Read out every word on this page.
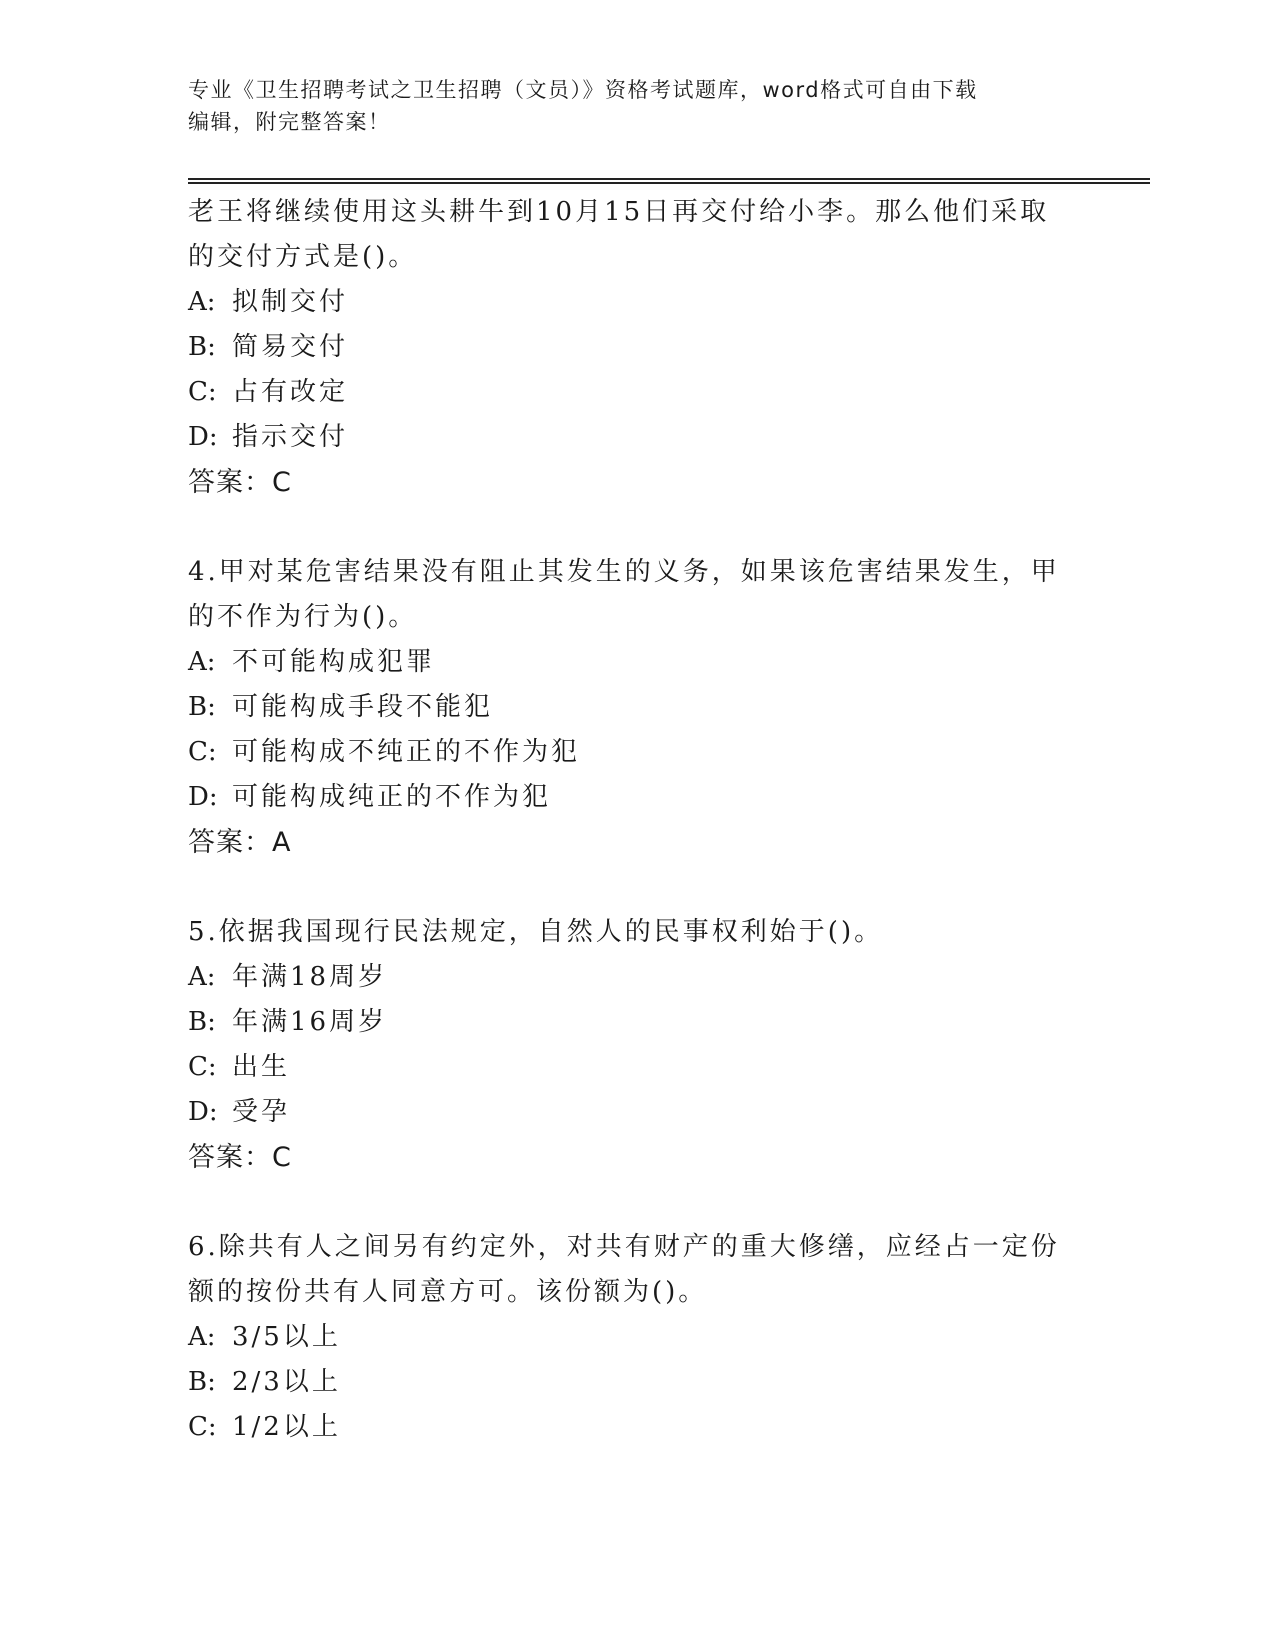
专业《卫生招聘考试之卫生招聘（文员）》资格考试题库，word格式可自由下载
编辑，附完整答案！

老王将继续使用这头耕牛到10月15日再交付给小李。那么他们采取

的交付方式是()。

A: 拟制交付

B: 简易交付

C: 占有改定

D: 指示交付

答案：C

4.甲对某危害结果没有阻止其发生的义务，如果该危害结果发生，甲

的不作为行为()。

A: 不可能构成犯罪

B: 可能构成手段不能犯

C: 可能构成不纯正的不作为犯

D: 可能构成纯正的不作为犯

答案：A

5.依据我国现行民法规定，自然人的民事权利始于()。

A: 年满18周岁

B: 年满16周岁

C: 出生

D: 受孕

答案：C

6.除共有人之间另有约定外，对共有财产的重大修缮，应经占一定份

额的按份共有人同意方可。该份额为()。

A: 3/5以上

B: 2/3以上

C: 1/2以上
